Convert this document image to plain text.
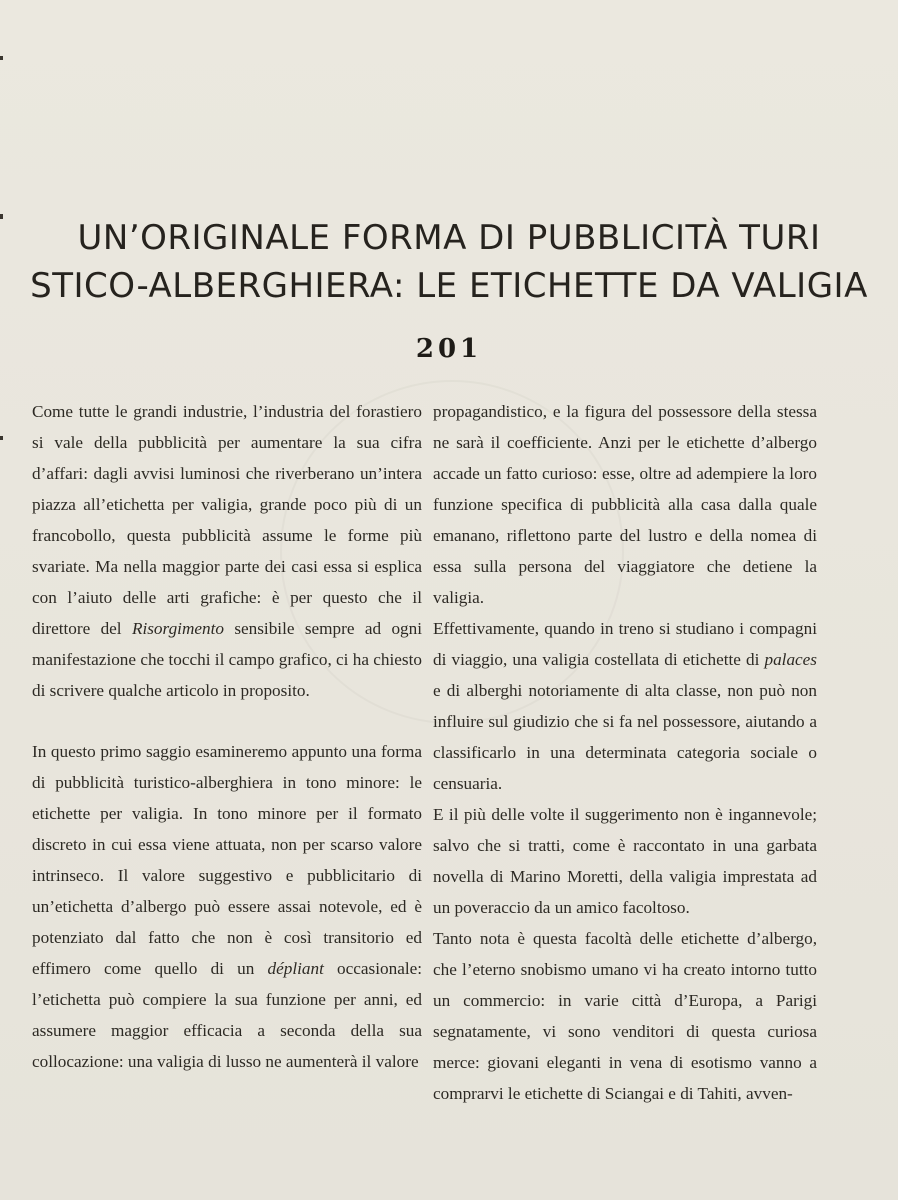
UN’ORIGINALE FORMA DI PUBBLICITÀ TURI
STICO-ALBERGHIERA: LE ETICHETTE DA VALIGIA
201

Come tutte le grandi industrie, l’industria del forastiero si vale della pubblicità per aumentare la sua cifra d’affari: dagli avvisi luminosi che riverberano un’intera piazza all’etichetta per valigia, grande poco più di un francobollo, questa pubblicità assume le forme più svariate. Ma nella maggior parte dei casi essa si esplica con l’aiuto delle arti grafiche: è per questo che il direttore del Risorgimento sensibile sempre ad ogni manifestazione che tocchi il campo grafico, ci ha chiesto di scrivere qualche articolo in proposito.

In questo primo saggio esamineremo appunto una forma di pubblicità turistico-alberghiera in tono minore: le etichette per valigia. In tono minore per il formato discreto in cui essa viene attuata, non per scarso valore intrinseco. Il valore suggestivo e pubblicitario di un’etichetta d’albergo può essere assai notevole, ed è potenziato dal fatto che non è così transitorio ed effimero come quello di un dépliant occasionale: l’etichetta può compiere la sua funzione per anni, ed assumere maggior efficacia a seconda della sua collocazione: una valigia di lusso ne aumenterà il valore

propagandistico, e la figura del possessore della stessa ne sarà il coefficiente. Anzi per le etichette d’albergo accade un fatto curioso: esse, oltre ad adempiere la loro funzione specifica di pubblicità alla casa dalla quale emanano, riflettono parte del lustro e della nomea di essa sulla persona del viaggiatore che detiene la valigia.

Effettivamente, quando in treno si studiano i compagni di viaggio, una valigia costellata di etichette di palaces e di alberghi notoriamente di alta classe, non può non influire sul giudizio che si fa nel possessore, aiutando a classificarlo in una determinata categoria sociale o censuaria.

E il più delle volte il suggerimento non è ingannevole; salvo che si tratti, come è raccontato in una garbata novella di Marino Moretti, della valigia imprestata ad un poveraccio da un amico facoltoso.

Tanto nota è questa facoltà delle etichette d’albergo, che l’eterno snobismo umano vi ha creato intorno tutto un commercio: in varie città d’Europa, a Parigi segnatamente, vi sono venditori di questa curiosa merce: giovani eleganti in vena di esotismo vanno a comprarvi le etichette di Sciangai e di Tahiti, avven-
